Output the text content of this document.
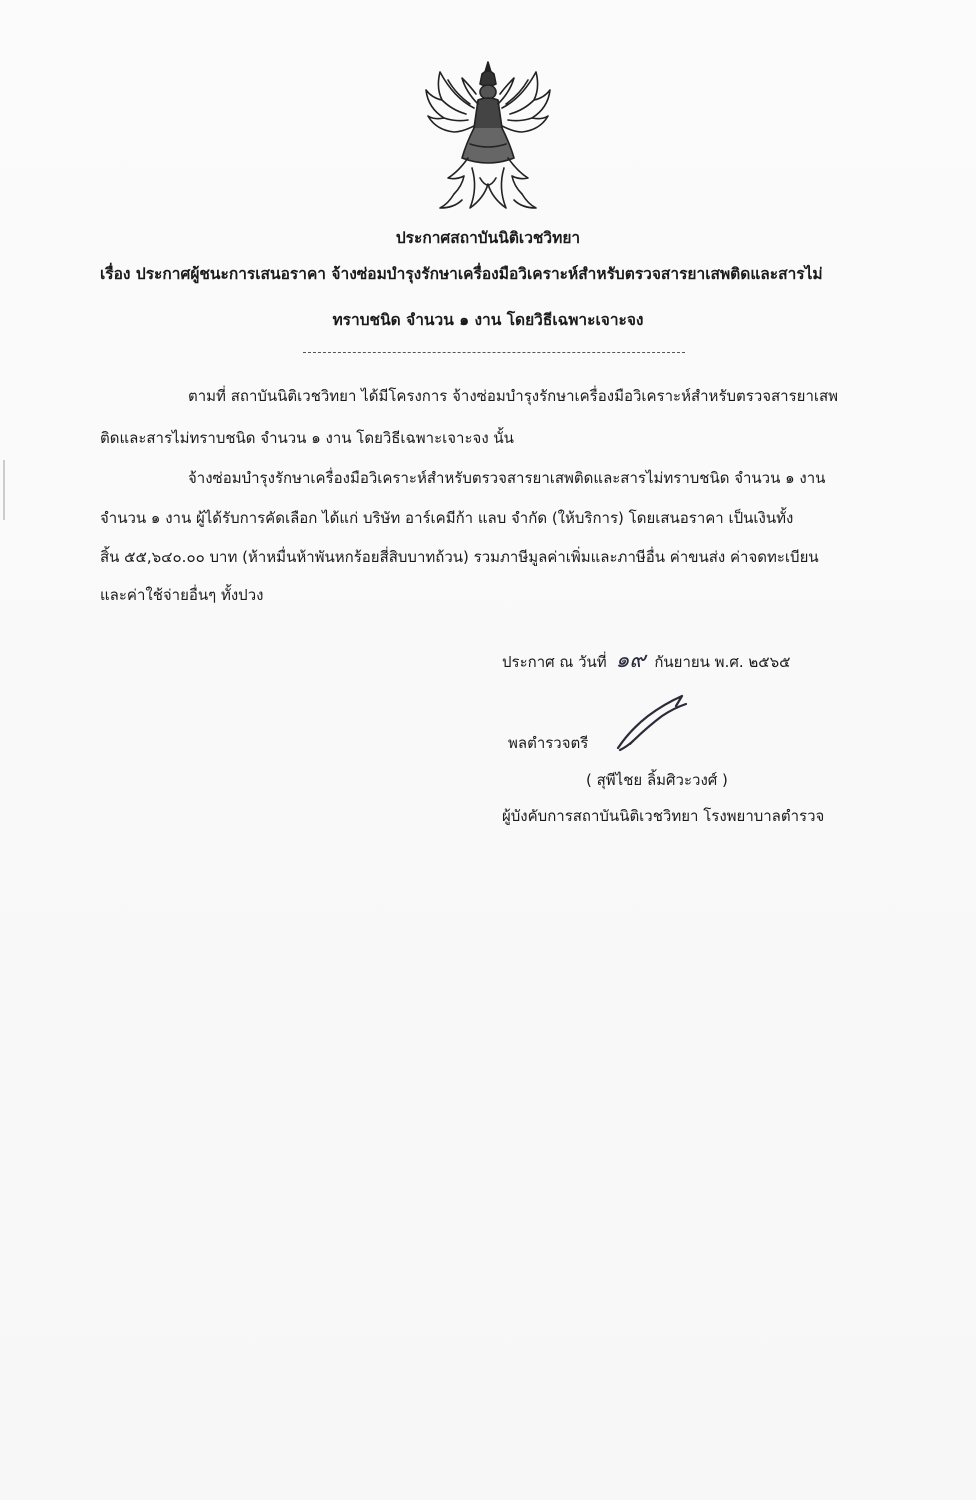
ประกาศสถาบันนิติเวชวิทยา
เรื่อง ประกาศผู้ชนะการเสนอราคา จ้างซ่อมบำรุงรักษาเครื่องมือวิเคราะห์สำหรับตรวจสารยาเสพติดและสารไม่
ทราบชนิด จำนวน ๑ งาน โดยวิธีเฉพาะเจาะจง
ตามที่ สถาบันนิติเวชวิทยา ได้มีโครงการ จ้างซ่อมบำรุงรักษาเครื่องมือวิเคราะห์สำหรับตรวจสารยาเสพ
ติดและสารไม่ทราบชนิด จำนวน ๑ งาน โดยวิธีเฉพาะเจาะจง นั้น
จ้างซ่อมบำรุงรักษาเครื่องมือวิเคราะห์สำหรับตรวจสารยาเสพติดและสารไม่ทราบชนิด จำนวน ๑ งาน
จำนวน ๑ งาน ผู้ได้รับการคัดเลือก ได้แก่ บริษัท อาร์เคมีก้า แลบ จำกัด (ให้บริการ) โดยเสนอราคา เป็นเงินทั้ง
สิ้น ๕๕,๖๔๐.๐๐ บาท (ห้าหมื่นห้าพันหกร้อยสี่สิบบาทถ้วน) รวมภาษีมูลค่าเพิ่มและภาษีอื่น ค่าขนส่ง ค่าจดทะเบียน
และค่าใช้จ่ายอื่นๆ ทั้งปวง
ประกาศ ณ วันที่ ๑๙ กันยายน พ.ศ. ๒๕๖๕
พลตำรวจตรี
( สุพีไชย ลิ้มศิวะวงศ์ )
ผู้บังคับการสถาบันนิติเวชวิทยา โรงพยาบาลตำรวจ
